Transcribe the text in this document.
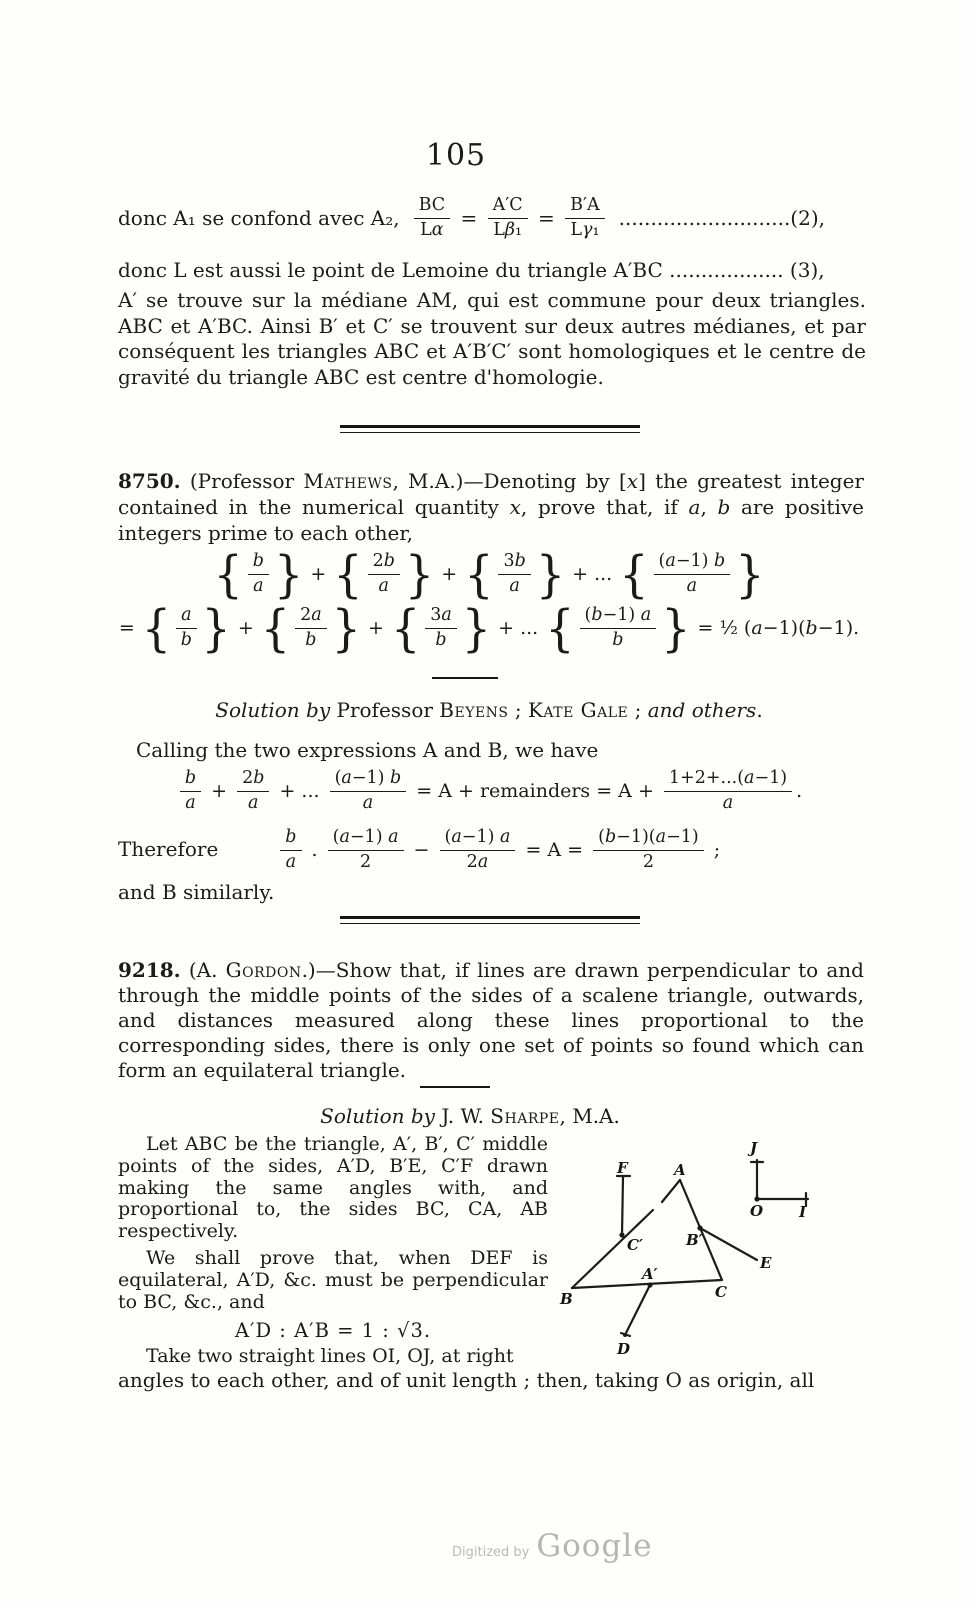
105
donc A₁ se confond avec A₂, $\frac{BC}{L\alpha} = \frac{A'C}{\text{Lβ₁}} = \frac{B'A}{\text{Lγ₁}} ...........................(2)$,
donc L est aussi le point de Lemoine du triangle A′BC .................. (3),
A′ se trouve sur la médiane AM, qui est commune pour deux triangles. ABC et A′BC. Ainsi B′ et C′ se trouvent sur deux autres médianes, et par conséquent les triangles ABC et A′B′C′ sont homologiques et le centre de gravité du triangle ABC est centre d'homologie.
8750. (Professor Mathews, M.A.)—Denoting by [x] the greatest integer contained in the numerical quantity x, prove that, if a, b are positive integers prime to each other,
{ $\frac{b}{a}$ } + { $\frac{2b}{a}$ } + { $\frac{3b}{a}$ } + ... { $\frac{(a-1) b}{a}$ }
= { $\frac{a}{b}$ } + { $\frac{2a}{b}$ } + { $\frac{3a}{b}$ } + ... { $\frac{(b-1) a}{b}$ } = ½ (a−1)(b−1).
Solution by Professor Beyens ; Kate Gale ; and others.
Calling the two expressions A and B, we have
$\frac{b}{a} + \frac{2b}{a}$ + ... $\frac{(a-1) b}{a} = A$ + remainders = $A + \frac{1+2+...(a-1)}{a}$ .
Therefore	$\frac{b}{a}$ . $\frac{(a-1) a}{2} - \frac{(a-1) a}{2a} = A = \frac{(b-1)(a-1)}{2}$ ;
and B similarly.
9218. (A. Gordon.)—Show that, if lines are drawn perpendicular to and through the middle points of the sides of a scalene triangle, outwards, and distances measured along these lines proportional to the corresponding sides, there is only one set of points so found which can form an equilateral triangle.
Solution by J. W. Sharpe, M.A.

Let ABC be the triangle, A′, B′, C′ middle points of the sides, A′D, B′E, C′F drawn making the same angles with, and proportional to, the sides BC, CA, AB respectively.

We shall prove that, when DEF is equilateral, A′D, &c. must be perpendicular to BC, &c., and

A′D : A′B = 1 : √3.

Take two straight lines OI, OJ, at right

J
O I
F	A
C′	B′
E
B	C
A′
D
angles to each other, and of unit length ; then, taking O as origin, all
Digitized by Google
